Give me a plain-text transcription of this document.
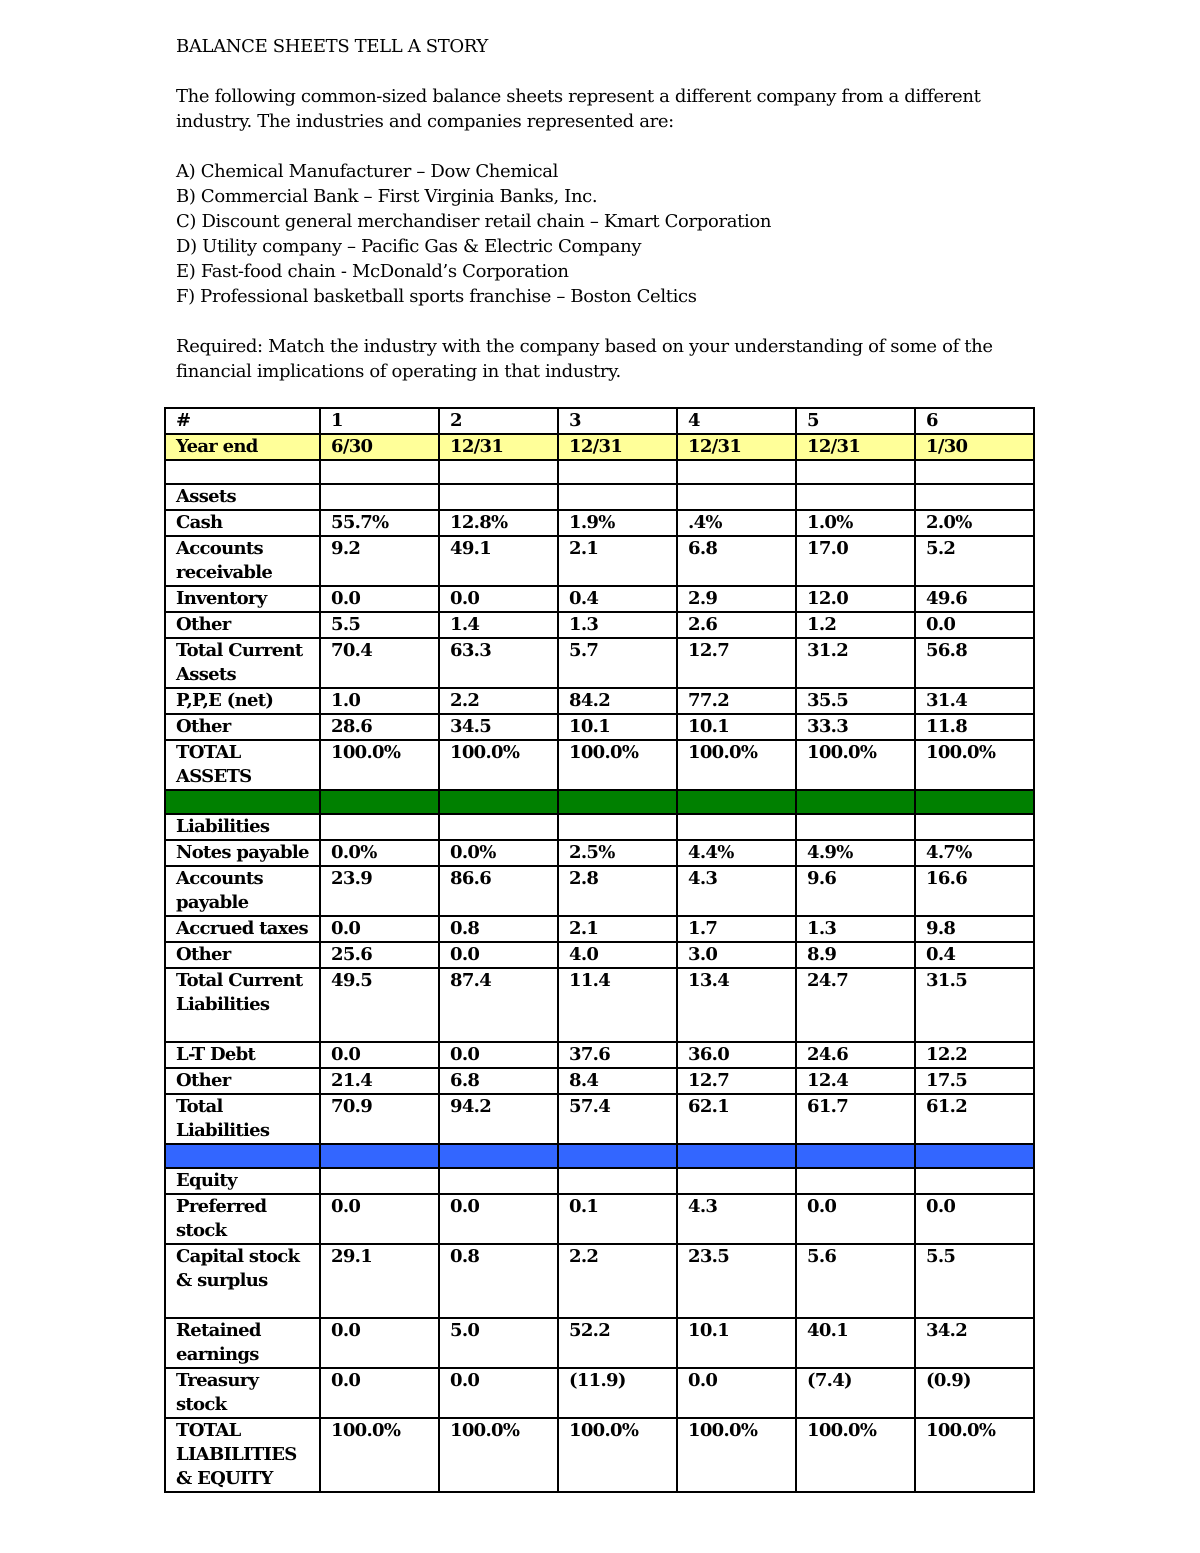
BALANCE SHEETS TELL A STORY

The following common-sized balance sheets represent a different company from a different

industry. The industries and companies represented are:

A) Chemical Manufacturer – Dow Chemical

B) Commercial Bank – First Virginia Banks, Inc.

C) Discount general merchandiser retail chain – Kmart Corporation

D) Utility company – Pacific Gas & Electric Company

E) Fast-food chain - McDonald’s Corporation

F) Professional basketball sports franchise – Boston Celtics

Required: Match the industry with the company based on your understanding of some of the

financial implications of operating in that industry.

#	1	2	3	4	5	6
Year end	6/30	12/31	12/31	12/31	12/31	1/30

Assets						
Cash	55.7%	12.8%	1.9%	.4%	1.0%	2.0%
Accounts receivable	9.2	49.1	2.1	6.8	17.0	5.2
Inventory	0.0	0.0	0.4	2.9	12.0	49.6
Other	5.5	1.4	1.3	2.6	1.2	0.0
Total Current Assets	70.4	63.3	5.7	12.7	31.2	56.8
P,P,E (net)	1.0	2.2	84.2	77.2	35.5	31.4
Other	28.6	34.5	10.1	10.1	33.3	11.8
TOTAL ASSETS	100.0%	100.0%	100.0%	100.0%	100.0%	100.0%

Liabilities						
Notes payable	0.0%	0.0%	2.5%	4.4%	4.9%	4.7%
Accounts payable	23.9	86.6	2.8	4.3	9.6	16.6
Accrued taxes	0.0	0.8	2.1	1.7	1.3	9.8
Other	25.6	0.0	4.0	3.0	8.9	0.4
Total Current Liabilities	49.5	87.4	11.4	13.4	24.7	31.5
L-T Debt	0.0	0.0	37.6	36.0	24.6	12.2
Other	21.4	6.8	8.4	12.7	12.4	17.5
Total Liabilities	70.9	94.2	57.4	62.1	61.7	61.2

Equity						
Preferred stock	0.0	0.0	0.1	4.3	0.0	0.0
Capital stock & surplus	29.1	0.8	2.2	23.5	5.6	5.5
Retained earnings	0.0	5.0	52.2	10.1	40.1	34.2
Treasury stock	0.0	0.0	(11.9)	0.0	(7.4)	(0.9)
TOTAL LIABILITIES & EQUITY	100.0%	100.0%	100.0%	100.0%	100.0%	100.0%
